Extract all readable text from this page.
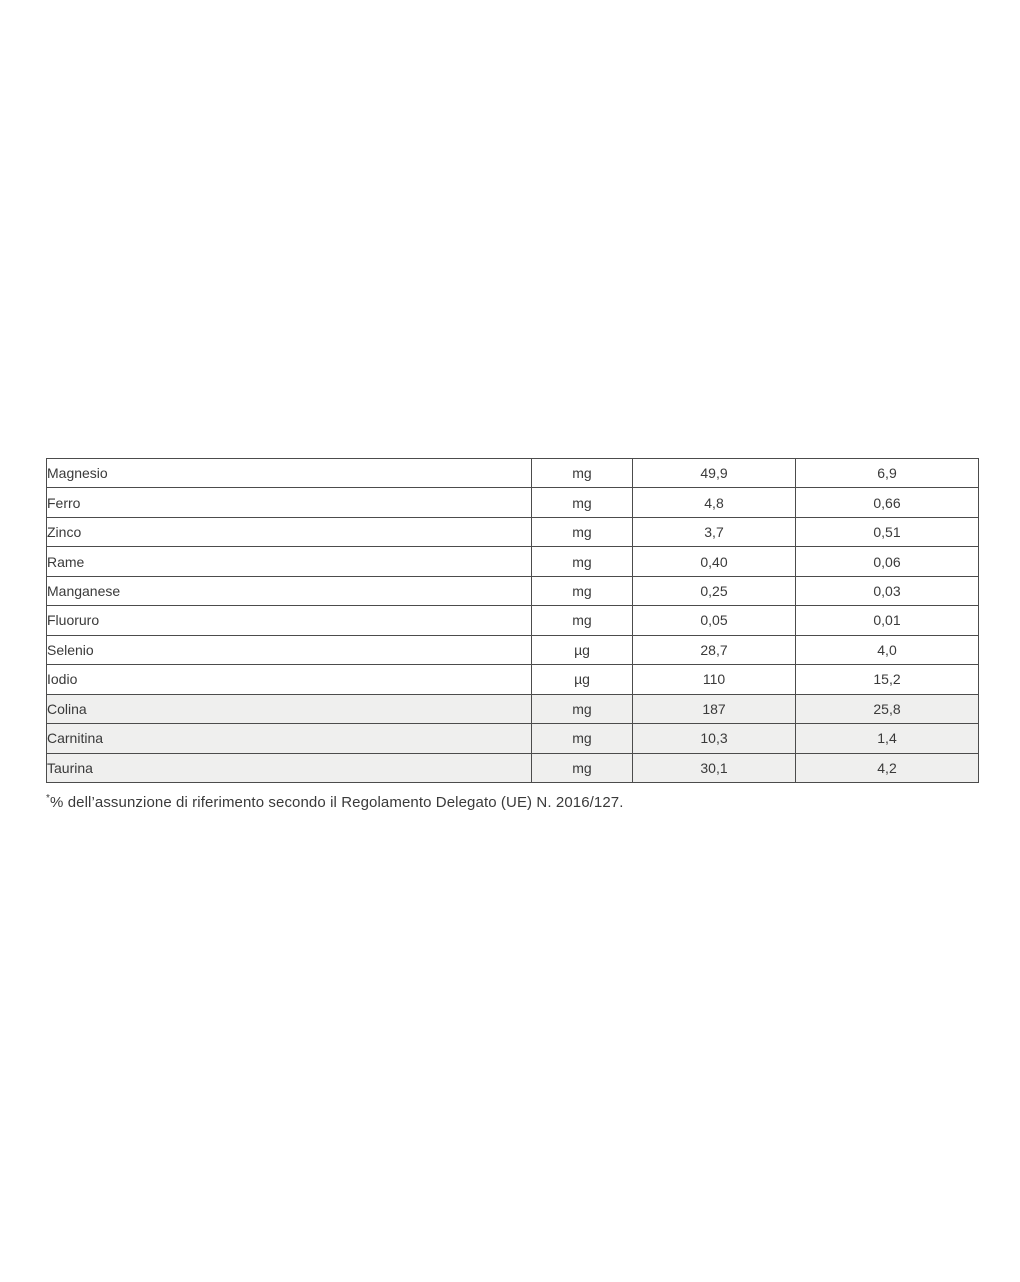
Magnesio	mg	49,9	6,9
Ferro	mg	4,8	0,66
Zinco	mg	3,7	0,51
Rame	mg	0,40	0,06
Manganese	mg	0,25	0,03
Fluoruro	mg	0,05	0,01
Selenio	µg	28,7	4,0
Iodio	µg	110	15,2
Colina	mg	187	25,8
Carnitina	mg	10,3	1,4
Taurina	mg	30,1	4,2
*% dell’assunzione di riferimento secondo il Regolamento Delegato (UE) N. 2016/127.
